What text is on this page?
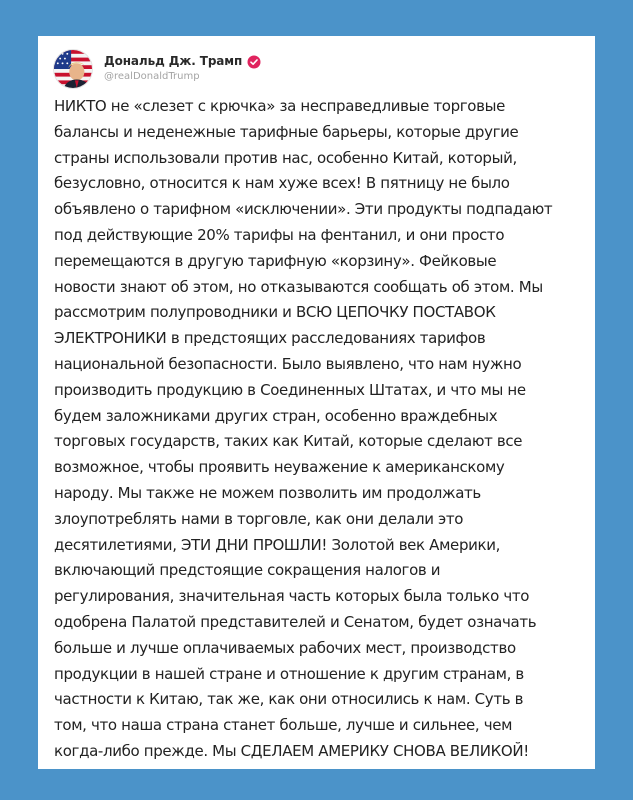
Дональд Дж. Трамп
@realDonaldTrump
НИКТО не «слезет с крючка» за несправедливые торговые
балансы и неденежные тарифные барьеры, которые другие
страны использовали против нас, особенно Китай, который,
безусловно, относится к нам хуже всех! В пятницу не было
объявлено о тарифном «исключении». Эти продукты подпадают
под действующие 20% тарифы на фентанил, и они просто
перемещаются в другую тарифную «корзину». Фейковые
новости знают об этом, но отказываются сообщать об этом. Мы
рассмотрим полупроводники и ВСЮ ЦЕПОЧКУ ПОСТАВОК
ЭЛЕКТРОНИКИ в предстоящих расследованиях тарифов
национальной безопасности. Было выявлено, что нам нужно
производить продукцию в Соединенных Штатах, и что мы не
будем заложниками других стран, особенно враждебных
торговых государств, таких как Китай, которые сделают все
возможное, чтобы проявить неуважение к американскому
народу. Мы также не можем позволить им продолжать
злоупотреблять нами в торговле, как они делали это
десятилетиями, ЭТИ ДНИ ПРОШЛИ! Золотой век Америки,
включающий предстоящие сокращения налогов и
регулирования, значительная часть которых была только что
одобрена Палатой представителей и Сенатом, будет означать
больше и лучше оплачиваемых рабочих мест, производство
продукции в нашей стране и отношение к другим странам, в
частности к Китаю, так же, как они относились к нам. Суть в
том, что наша страна станет больше, лучше и сильнее, чем
когда-либо прежде. Мы СДЕЛАЕМ АМЕРИКУ СНОВА ВЕЛИКОЙ!
